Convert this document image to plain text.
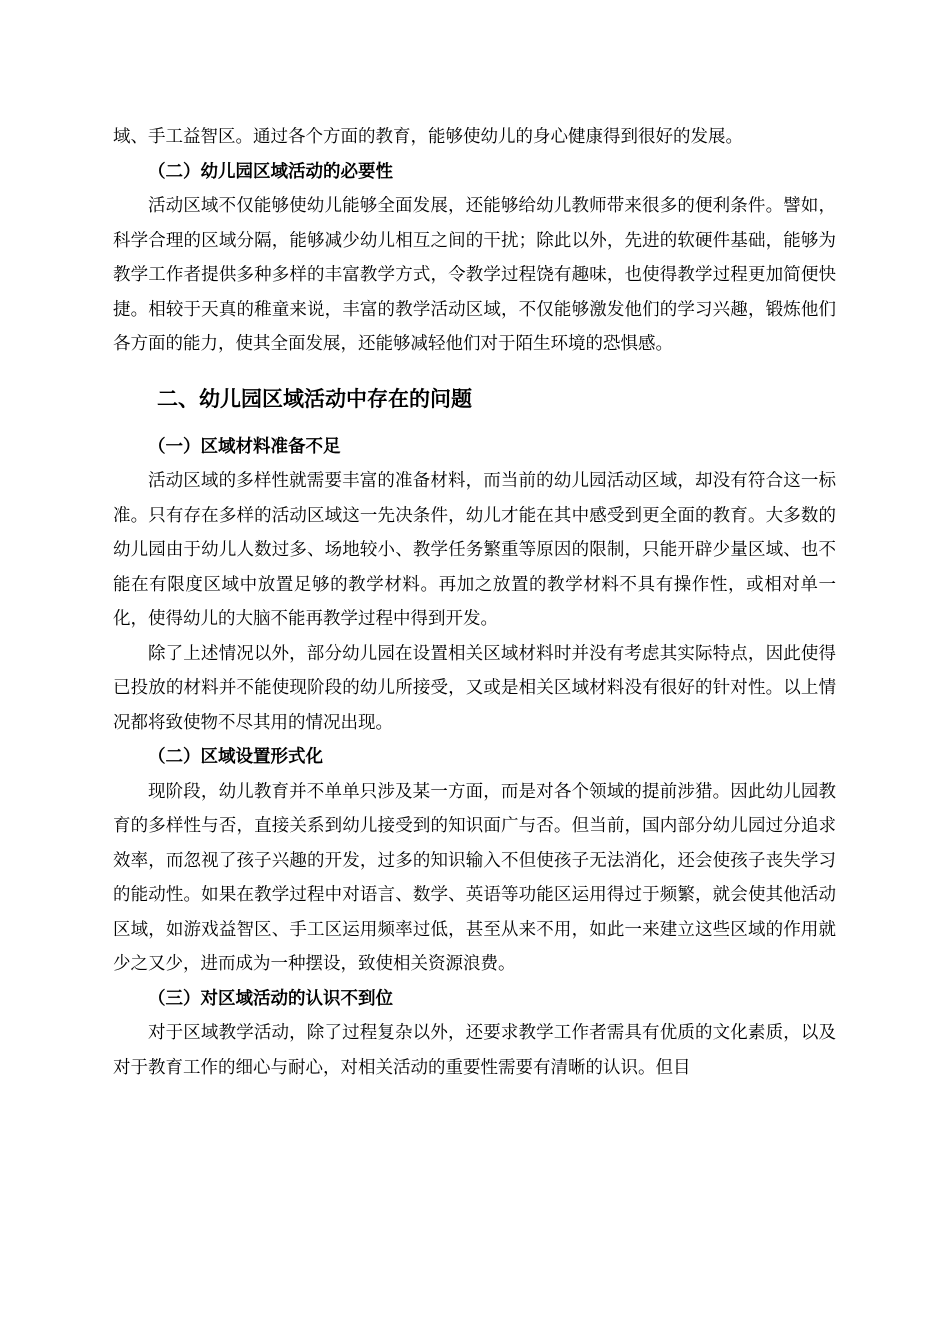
域、手工益智区。通过各个方面的教育，能够使幼儿的身心健康得到很好的发展。

（二）幼儿园区域活动的必要性

活动区域不仅能够使幼儿能够全面发展，还能够给幼儿教师带来很多的便利条件。譬如，科学合理的区域分隔，能够减少幼儿相互之间的干扰；除此以外，先进的软硬件基础，能够为教学工作者提供多种多样的丰富教学方式，令教学过程饶有趣味，也使得教学过程更加简便快捷。相较于天真的稚童来说，丰富的教学活动区域，不仅能够激发他们的学习兴趣，锻炼他们各方面的能力，使其全面发展，还能够减轻他们对于陌生环境的恐惧感。

二、幼儿园区域活动中存在的问题

（一）区域材料准备不足

活动区域的多样性就需要丰富的准备材料，而当前的幼儿园活动区域，却没有符合这一标准。只有存在多样的活动区域这一先决条件，幼儿才能在其中感受到更全面的教育。大多数的幼儿园由于幼儿人数过多、场地较小、教学任务繁重等原因的限制，只能开辟少量区域、也不能在有限度区域中放置足够的教学材料。再加之放置的教学材料不具有操作性，或相对单一化，使得幼儿的大脑不能再教学过程中得到开发。

除了上述情况以外，部分幼儿园在设置相关区域材料时并没有考虑其实际特点，因此使得已投放的材料并不能使现阶段的幼儿所接受，又或是相关区域材料没有很好的针对性。以上情况都将致使物不尽其用的情况出现。

（二）区域设置形式化

现阶段，幼儿教育并不单单只涉及某一方面，而是对各个领域的提前涉猎。因此幼儿园教育的多样性与否，直接关系到幼儿接受到的知识面广与否。但当前，国内部分幼儿园过分追求效率，而忽视了孩子兴趣的开发，过多的知识输入不但使孩子无法消化，还会使孩子丧失学习的能动性。如果在教学过程中对语言、数学、英语等功能区运用得过于频繁，就会使其他活动区域，如游戏益智区、手工区运用频率过低，甚至从来不用，如此一来建立这些区域的作用就少之又少，进而成为一种摆设，致使相关资源浪费。

（三）对区域活动的认识不到位

对于区域教学活动，除了过程复杂以外，还要求教学工作者需具有优质的文化素质，以及对于教育工作的细心与耐心，对相关活动的重要性需要有清晰的认识。但目
